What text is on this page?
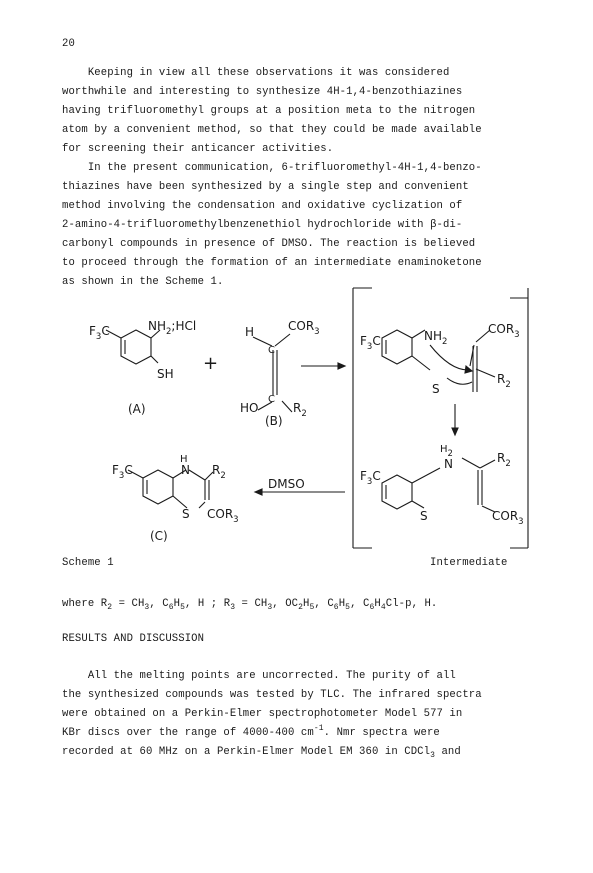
20
Keeping in view all these observations it was considered
worthwhile and interesting to synthesize 4H-1,4-benzothiazines
having trifluoromethyl groups at a position meta to the nitrogen
atom by a convenient method, so that they could be made available
for screening their anticancer activities.
In the present communication, 6-trifluoromethyl-4H-1,4-benzo-
thiazines have been synthesized by a single step and convenient
method involving the condensation and oxidative cyclization of
2-amino-4-trifluoromethylbenzenethiol hydrochloride with β-di-
carbonyl compounds in presence of DMSO. The reaction is believed
to proceed through the formation of an intermediate enaminoketone
as shown in the Scheme 1.
$F_3C$	$NH_2;HCl$
SH
(A)
+
H
C
$COR_3$
C
HO	$R_2$
(B)
$F_3C$	$NH_2$
$COR_3$
S
$R_2$
$F_3C$
$H_2$
N	$R_2$
S	$COR_3$
DMSO
$F_3C$
H
N $R_2$
S $COR_3$
(C)
Scheme 1	Intermediate
where $R_2 = CH_3$, $C_6H_5$, H ; $R_3 = CH_3$, $OC_2H_5$, $C_6H_5$, $C_6H_4Cl-p$, H.
RESULTS AND DISCUSSION
All the melting points are uncorrected. The purity of all
the synthesized compounds was tested by TLC. The infrared spectra
were obtained on a Perkin-Elmer spectrophotometer Model 577 in
KBr discs over the range of 4000-400 $cm^{-1}$. Nmr spectra were
recorded at 60 MHz on a Perkin-Elmer Model EM 360 in CDCl$_3$ and
